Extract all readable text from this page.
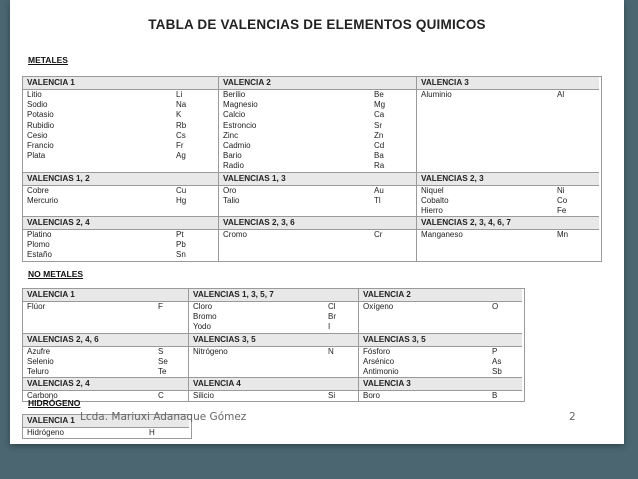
TABLA DE VALENCIAS DE ELEMENTOS QUIMICOS
METALES
VALENCIA 1
Litio	Li
Sodio	Na
Potasio	K
Rubidio	Rb
Cesio	Cs
Francio	Fr
Plata	Ag
VALENCIA 2
Berilio	Be
Magnesio	Mg
Calcio	Ca
Estroncio	Sr
Zinc	Zn
Cadmio	Cd
Bario	Ba
Radio	Ra
VALENCIA 3
Aluminio	Al
VALENCIAS 1, 2
Cobre	Cu
Mercurio	Hg
VALENCIAS 1, 3
Oro	Au
Talio	Tl
VALENCIAS 2, 3
Niquel	Ni
Cobalto	Co
Hierro	Fe
VALENCIAS 2, 4
Platino	Pt
Plomo	Pb
Estaño	Sn
VALENCIAS 2, 3, 6
Cromo	Cr
VALENCIAS 2, 3, 4, 6, 7
Manganeso	Mn
NO METALES
VALENCIA 1
Flúor	F
VALENCIAS 1, 3, 5, 7
Cloro	Cl
Bromo	Br
Yodo	I
VALENCIA 2
Oxígeno	O
VALENCIAS 2, 4, 6
Azufre	S
Selenio	Se
Teluro	Te
VALENCIAS 3, 5
Nitrógeno	N
VALENCIAS 3, 5
Fósforo	P
Arsénico	As
Antimonio	Sb
VALENCIAS 2, 4
Carbono	C
VALENCIA 4
Silicio	Si
VALENCIA 3
Boro	B
HIDRÓGENO
VALENCIA 1
Hidrógeno	H
Lcda. Mariuxi Adanaque Gómez	2
